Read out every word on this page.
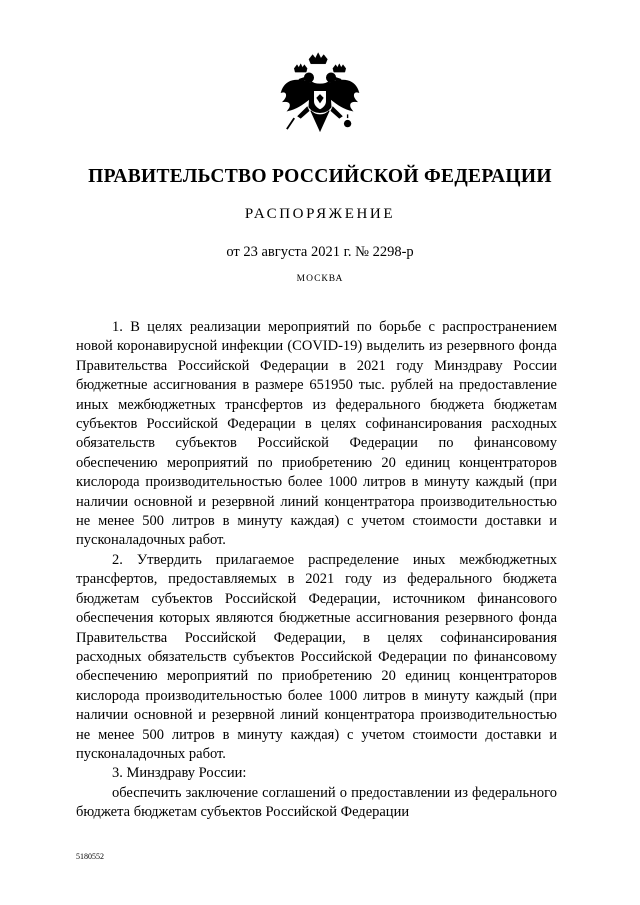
ПРАВИТЕЛЬСТВО РОССИЙСКОЙ ФЕДЕРАЦИИ
РАСПОРЯЖЕНИЕ
от 23 августа 2021 г. № 2298-р
МОСКВА

1. В целях реализации мероприятий по борьбе с распространением новой коронавирусной инфекции (COVID-19) выделить из резервного фонда Правительства Российской Федерации в 2021 году Минздраву России бюджетные ассигнования в размере 651950 тыс. рублей на предоставление иных межбюджетных трансфертов из федерального бюджета бюджетам субъектов Российской Федерации в целях софинансирования расходных обязательств субъектов Российской Федерации по финансовому обеспечению мероприятий по приобретению 20 единиц концентраторов кислорода производительностью более 1000 литров в минуту каждый (при наличии основной и резервной линий концентратора производительностью не менее 500 литров в минуту каждая) с учетом стоимости доставки и пусконаладочных работ.

2. Утвердить прилагаемое распределение иных межбюджетных трансфертов, предоставляемых в 2021 году из федерального бюджета бюджетам субъектов Российской Федерации, источником финансового обеспечения которых являются бюджетные ассигнования резервного фонда Правительства Российской Федерации, в целях софинансирования расходных обязательств субъектов Российской Федерации по финансовому обеспечению мероприятий по приобретению 20 единиц концентраторов кислорода производительностью более 1000 литров в минуту каждый (при наличии основной и резервной линий концентратора производительностью не менее 500 литров в минуту каждая) с учетом стоимости доставки и пусконаладочных работ.

3. Минздраву России:

обеспечить заключение соглашений о предоставлении из федерального бюджета бюджетам субъектов Российской Федерации

5180552
